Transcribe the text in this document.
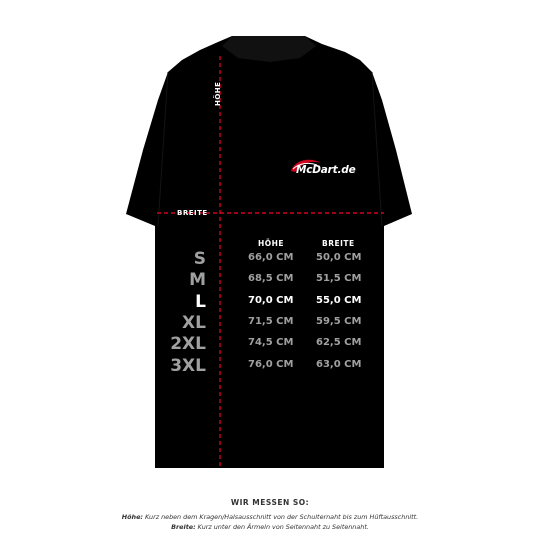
HÖHE
BREITE
McDart.de
HÖHE	BREITE
S	66,0 CM 50,0 CM
M	68,5 CM 51,5 CM
L	70,0 CM 55,0 CM
XL	71,5 CM 59,5 CM
2XL	74,5 CM 62,5 CM
3XL	76,0 CM 63,0 CM
WIR MESSEN SO:
Höhe: Kurz neben dem Kragen/Halsausschnitt von der Schulternaht bis zum Hüftausschnitt.
Breite: Kurz unter den Ärmeln von Seitennaht zu Seitennaht.
